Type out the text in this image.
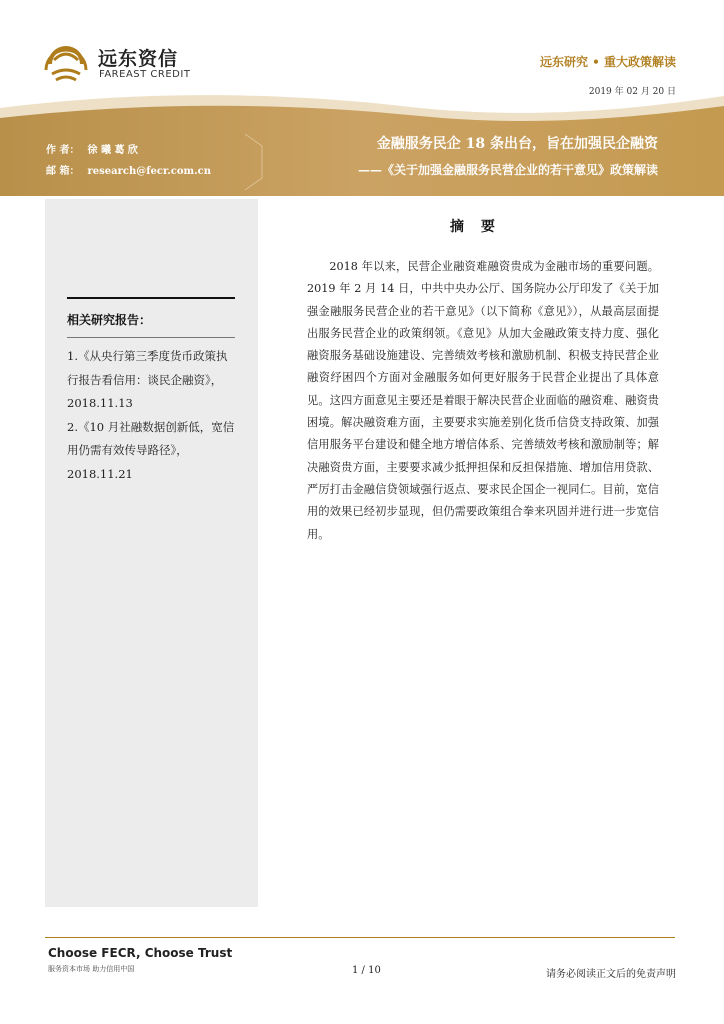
远东资信
FAREAST CREDIT
远东研究 • 重大政策解读
2019 年 02 月 20 日
作 者： 徐 曦 葛 欣
邮 箱： research@fecr.com.cn
金融服务民企 18 条出台，旨在加强民企融资
——《关于加强金融服务民营企业的若干意见》政策解读
相关研究报告：

1.《从央行第三季度货币政策执行报告看信用：谈民企融资》，2018.11.13

2.《10 月社融数据创新低，宽信用仍需有效传导路径》，2018.11.21

摘 要

2018 年以来，民营企业融资难融资贵成为金融市场的重要问题。2019 年 2 月 14 日，中共中央办公厅、国务院办公厅印发了《关于加强金融服务民营企业的若干意见》（以下简称《意见》），从最高层面提出服务民营企业的政策纲领。《意见》从加大金融政策支持力度、强化融资服务基础设施建设、完善绩效考核和激励机制、积极支持民营企业融资纾困四个方面对金融服务如何更好服务于民营企业提出了具体意见。这四方面意见主要还是着眼于解决民营企业面临的融资难、融资贵困境。解决融资难方面，主要要求实施差别化货币信贷支持政策、加强信用服务平台建设和健全地方增信体系、完善绩效考核和激励制等；解决融资贵方面，主要要求减少抵押担保和反担保措施、增加信用贷款、严厉打击金融信贷领域强行返点、要求民企国企一视同仁。目前，宽信用的效果已经初步显现，但仍需要政策组合拳来巩固并进行进一步宽信用。

Choose FECR, Choose Trust
服务资本市场 助力信用中国	1 / 10	请务必阅读正文后的免责声明
